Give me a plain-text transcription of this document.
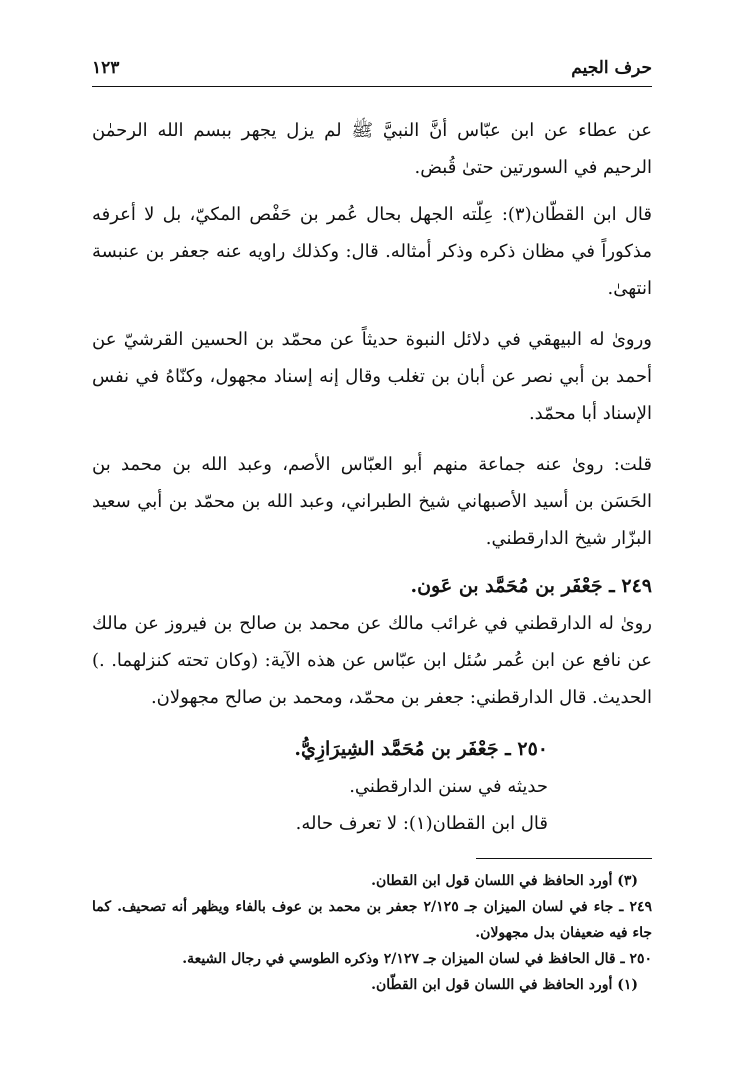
حرف الجيم
١٢٣

عن عطاء عن ابن عبّاس أنَّ النبيَّ ﷺ لم يزل يجهر ببسم الله الرحمٰن الرحيم في السورتين حتىٰ قُبض.

قال ابن القطّان(٣): عِلّته الجهل بحال عُمر بن حَفْص المكيّ، بل لا أعرفه مذكوراً في مظان ذكره وذكر أمثاله. قال: وكذلك راويه عنه جعفر بن عنبسة انتهىٰ.

وروىٰ له البيهقي في دلائل النبوة حديثاً عن محمّد بن الحسين القرشيّ عن أحمد بن أبي نصر عن أبان بن تغلب وقال إنه إسناد مجهول، وكنّاهُ في نفس الإسناد أبا محمّد.

قلت: روىٰ عنه جماعة منهم أبو العبّاس الأصم، وعبد الله بن محمد بن الحَسَن بن أسيد الأصبهاني شيخ الطبراني، وعبد الله بن محمّد بن أبي سعيد البزّار شيخ الدارقطني.

٢٤٩ ـ جَعْفَر بن مُحَمَّد بن عَون.

روىٰ له الدارقطني في غرائب مالك عن محمد بن صالح بن فيروز عن مالك عن نافع عن ابن عُمر سُئل ابن عبّاس عن هذه الآية: (وكان تحته كنزلهما. .) الحديث. قال الدارقطني: جعفر بن محمّد، ومحمد بن صالح مجهولان.

٢٥٠ ـ جَعْفَر بن مُحَمَّد الشِيرَازِيُّ.

حديثه في سنن الدارقطني.

قال ابن القطان(١): لا تعرف حاله.

(٣) أورد الحافظ في اللسان قول ابن القطان.

٢٤٩ ـ جاء في لسان الميزان جـ ٢/١٢٥ جعفر بن محمد بن عوف بالفاء ويظهر أنه تصحيف. كما جاء فيه ضعيفان بدل مجهولان.

٢٥٠ ـ قال الحافظ في لسان الميزان جـ ٢/١٢٧ وذكره الطوسي في رجال الشيعة.

(١) أورد الحافظ في اللسان قول ابن القطّان.
